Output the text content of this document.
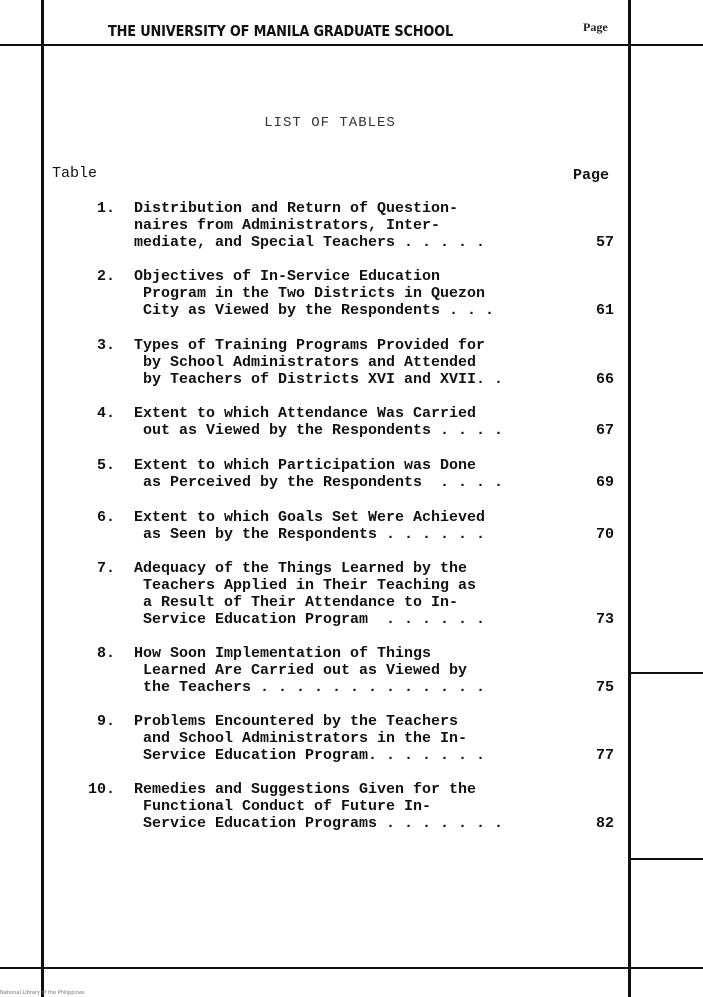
THE UNIVERSITY OF MANILA GRADUATE SCHOOL	Page
LIST OF TABLES
Table	Page
1. Distribution and Return of Question-
naires from Administrators, Inter-
mediate, and Special Teachers . . . . .	57
2. Objectives of In-Service Education
Program in the Two Districts in Quezon
City as Viewed by the Respondents . . .	61
3. Types of Training Programs Provided for
by School Administrators and Attended
by Teachers of Districts XVI and XVII. .	66
4. Extent to which Attendance Was Carried
out as Viewed by the Respondents . . . .	67
5. Extent to which Participation was Done
as Perceived by the Respondents  . . . .	69
6. Extent to which Goals Set Were Achieved
as Seen by the Respondents . . . . . .	70
7. Adequacy of the Things Learned by the
Teachers Applied in Their Teaching as
a Result of Their Attendance to In-
Service Education Program  . . . . . .	73
8. How Soon Implementation of Things
Learned Are Carried out as Viewed by
the Teachers . . . . . . . . . . . . .	75
9. Problems Encountered by the Teachers
and School Administrators in the In-
Service Education Program. . . . . . .	77
10. Remedies and Suggestions Given for the
Functional Conduct of Future In-
Service Education Programs . . . . . . .	82
National Library of the Philippines
